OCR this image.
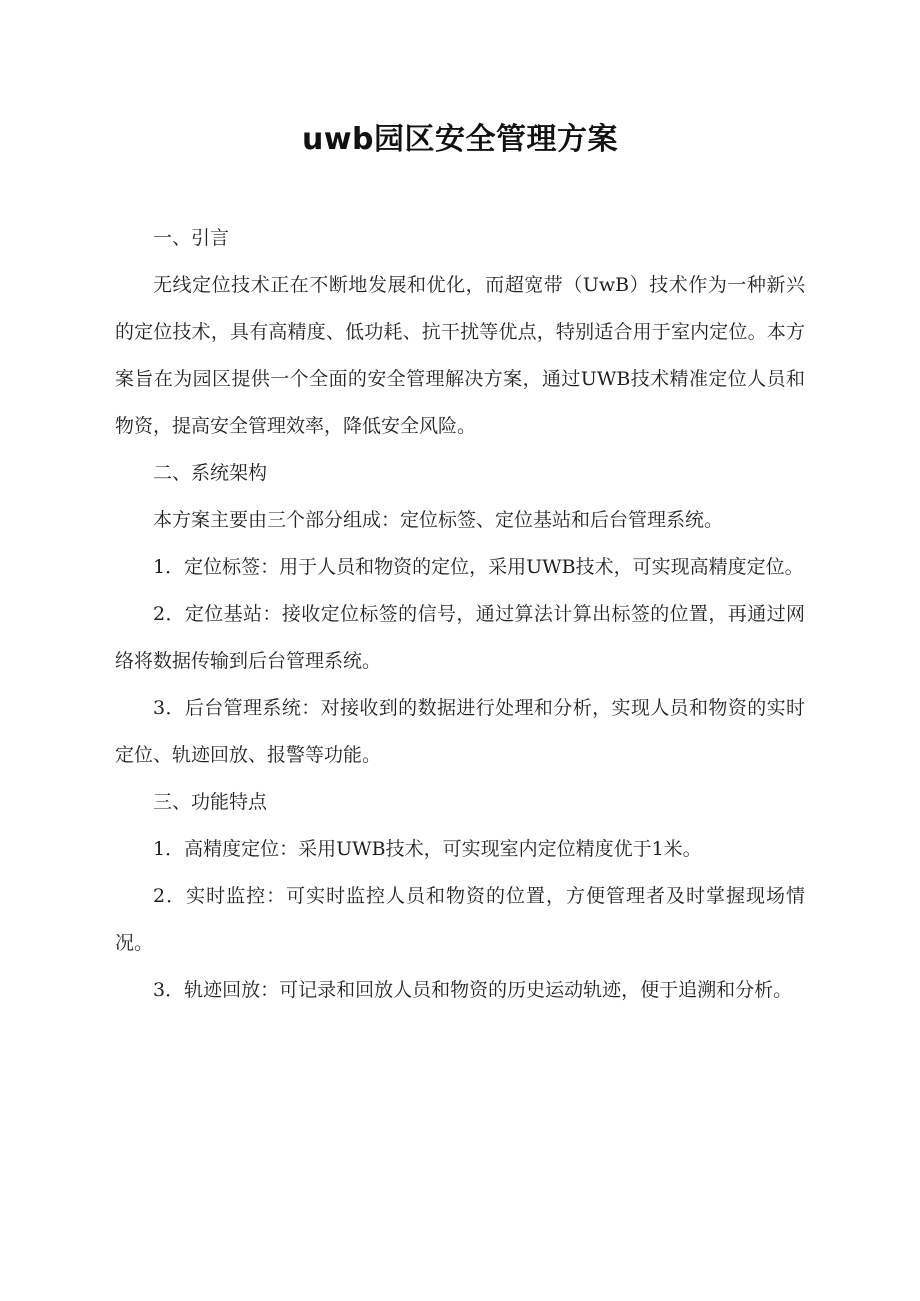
uwb园区安全管理方案

一、引言

无线定位技术正在不断地发展和优化，而超宽带（UwB）技术作为一种新兴的定位技术，具有高精度、低功耗、抗干扰等优点，特别适合用于室内定位。本方案旨在为园区提供一个全面的安全管理解决方案，通过UWB技术精准定位人员和物资，提高安全管理效率，降低安全风险。

二、系统架构

本方案主要由三个部分组成：定位标签、定位基站和后台管理系统。

1．定位标签：用于人员和物资的定位，采用UWB技术，可实现高精度定位。

2．定位基站：接收定位标签的信号，通过算法计算出标签的位置，再通过网络将数据传输到后台管理系统。

3．后台管理系统：对接收到的数据进行处理和分析，实现人员和物资的实时定位、轨迹回放、报警等功能。

三、功能特点

1．高精度定位：采用UWB技术，可实现室内定位精度优于1米。

2．实时监控：可实时监控人员和物资的位置，方便管理者及时掌握现场情况。

3．轨迹回放：可记录和回放人员和物资的历史运动轨迹，便于追溯和分析。
